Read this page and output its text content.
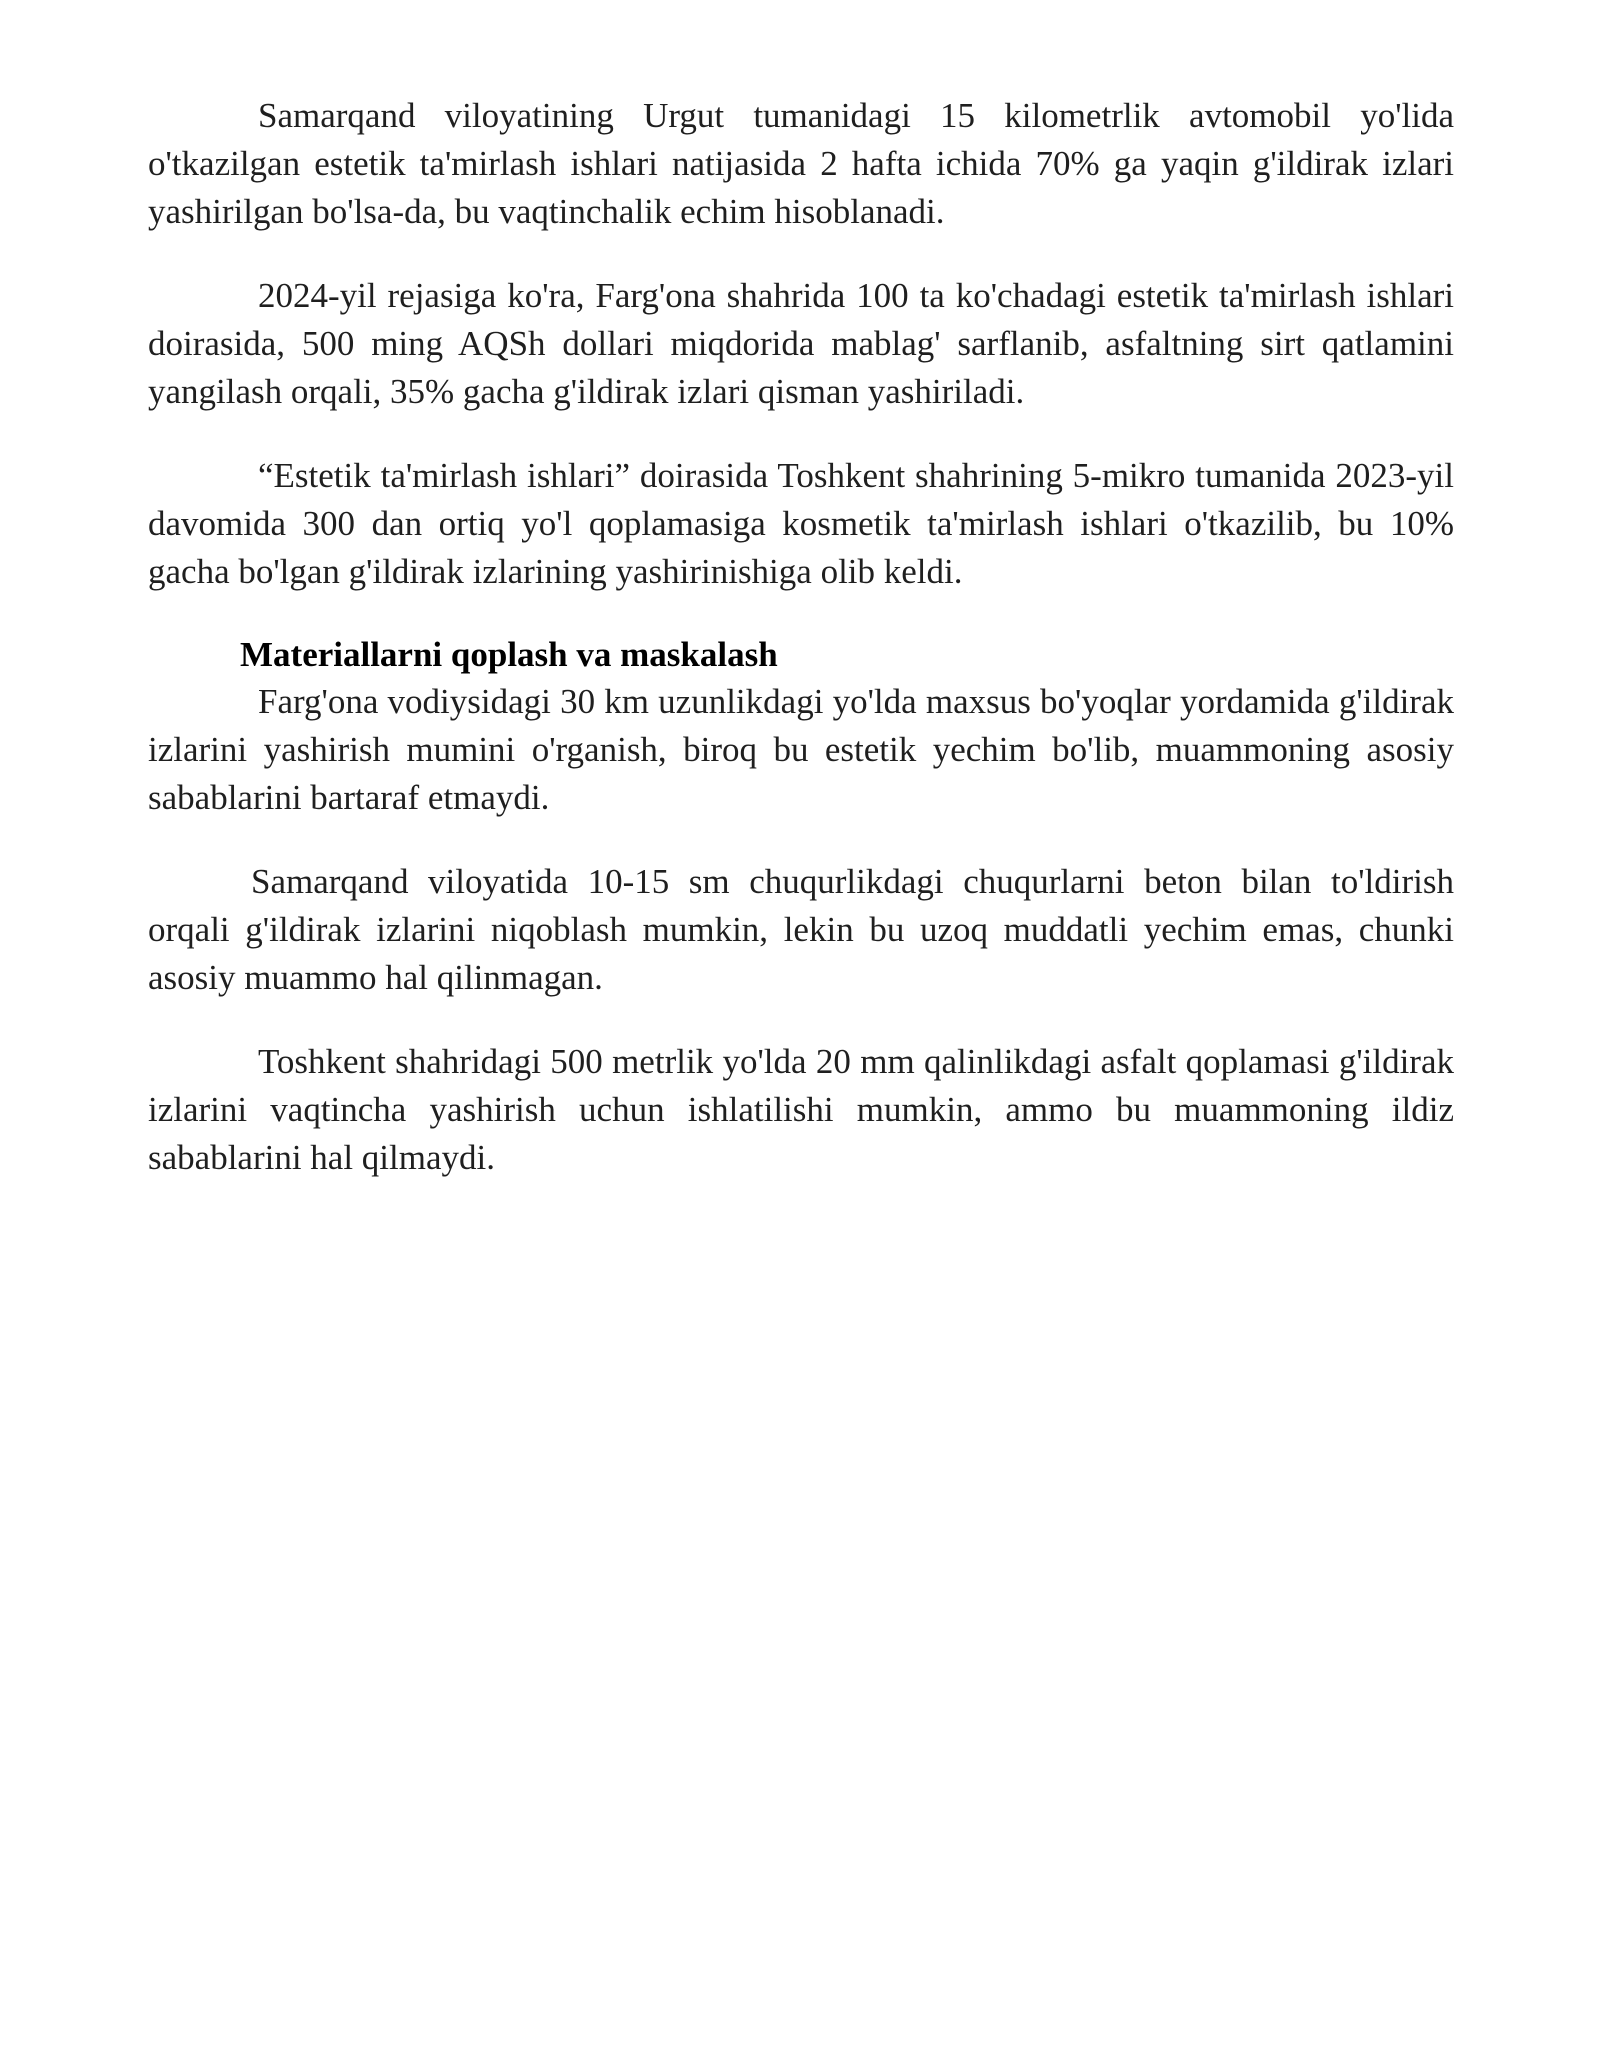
Samarqand viloyatining Urgut tumanidagi 15 kilometrlik avtomobil yo'lida o'tkazilgan estetik ta'mirlash ishlari natijasida 2 hafta ichida 70% ga yaqin g'ildirak izlari yashirilgan bo'lsa-da, bu vaqtinchalik echim hisoblanadi.

2024-yil rejasiga ko'ra, Farg'ona shahrida 100 ta ko'chadagi estetik ta'mirlash ishlari doirasida, 500 ming AQSh dollari miqdorida mablag' sarflanib, asfaltning sirt qatlamini yangilash orqali, 35% gacha g'ildirak izlari qisman yashiriladi.

“Estetik ta'mirlash ishlari” doirasida Toshkent shahrining 5-mikro tumanida 2023-yil davomida 300 dan ortiq yo'l qoplamasiga kosmetik ta'mirlash ishlari o'tkazilib, bu 10% gacha bo'lgan g'ildirak izlarining yashirinishiga olib keldi.

Materiallarni qoplash va maskalash

Farg'ona vodiysidagi 30 km uzunlikdagi yo'lda maxsus bo'yoqlar yordamida g'ildirak izlarini yashirish mumini o'rganish, biroq bu estetik yechim bo'lib, muammoning asosiy sabablarini bartaraf etmaydi.

Samarqand viloyatida 10-15 sm chuqurlikdagi chuqurlarni beton bilan to'ldirish orqali g'ildirak izlarini niqoblash mumkin, lekin bu uzoq muddatli yechim emas, chunki asosiy muammo hal qilinmagan.

Toshkent shahridagi 500 metrlik yo'lda 20 mm qalinlikdagi asfalt qoplamasi g'ildirak izlarini vaqtincha yashirish uchun ishlatilishi mumkin, ammo bu muammoning ildiz sabablarini hal qilmaydi.
